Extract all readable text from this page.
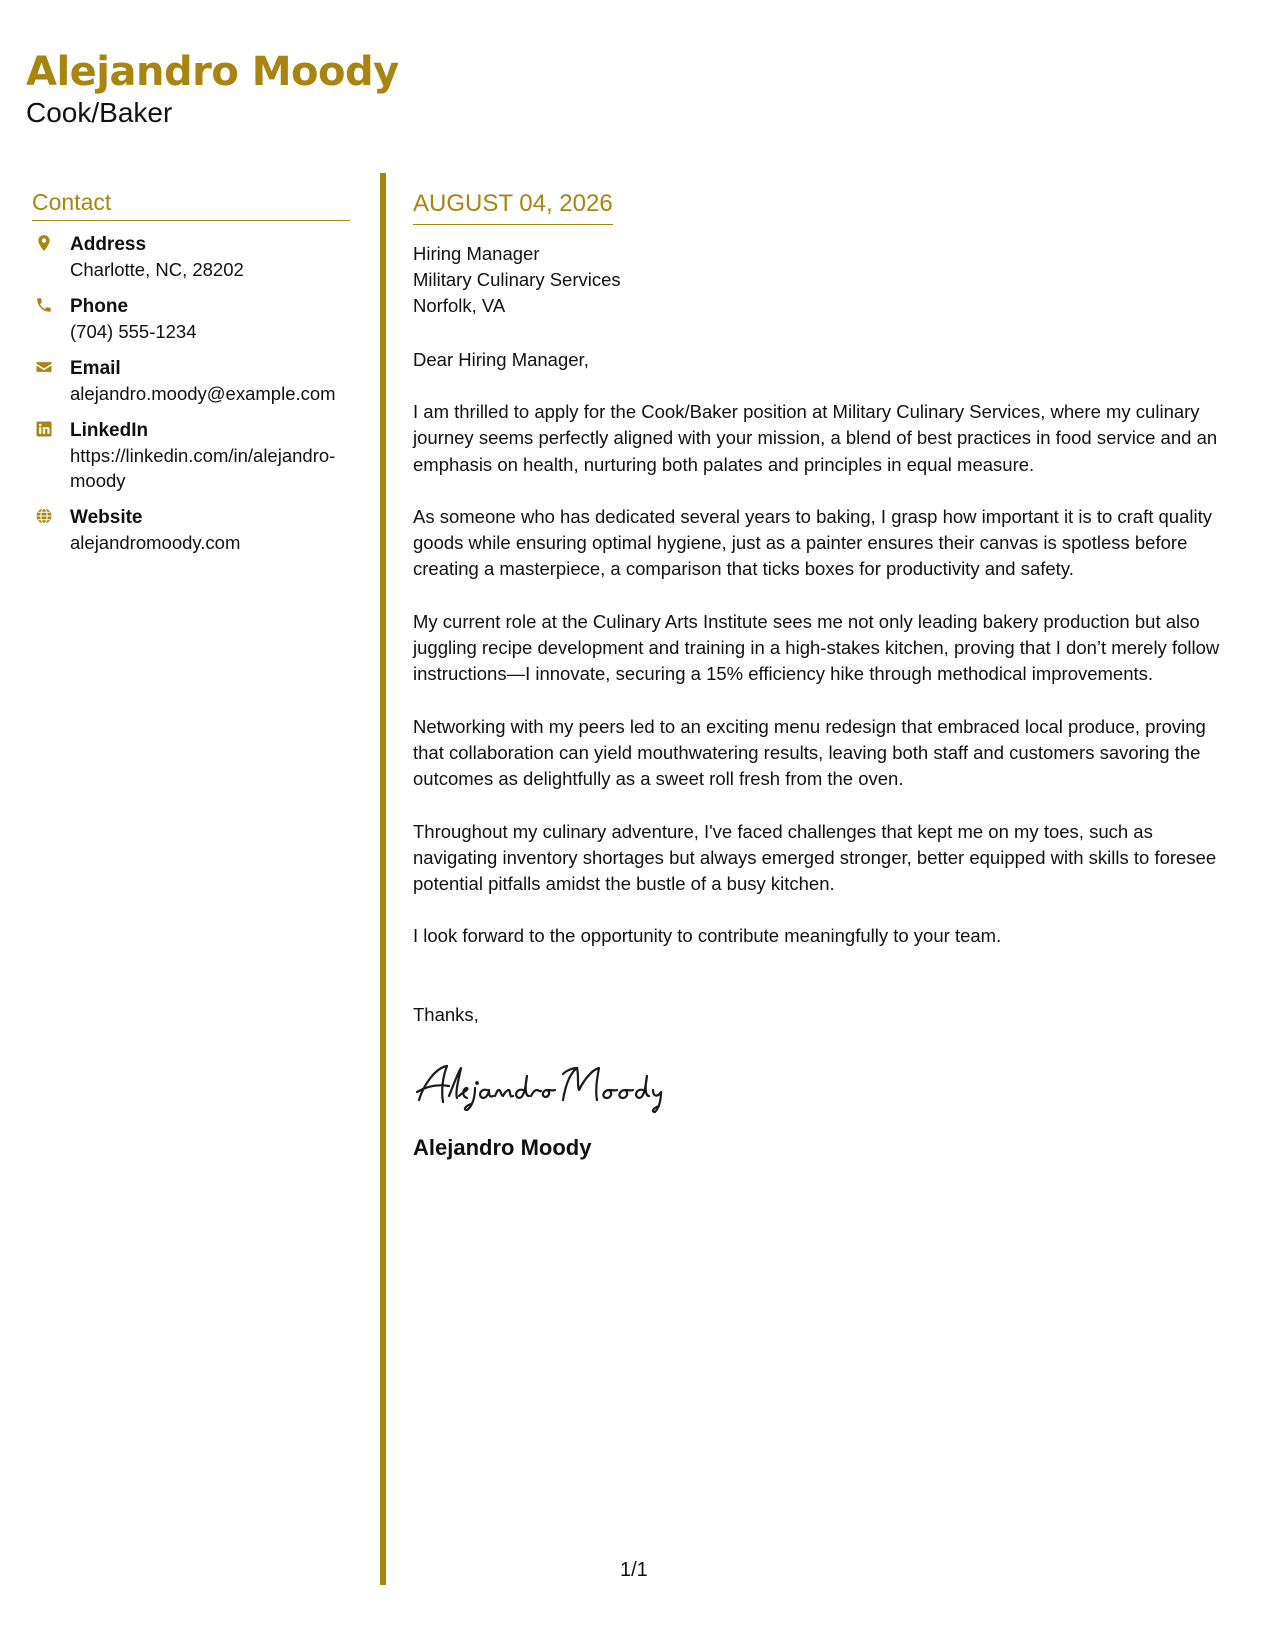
Alejandro Moody
Cook/Baker
Contact
Address
Charlotte, NC, 28202
Phone
(704) 555-1234
Email
alejandro.moody@example.com
LinkedIn
https://linkedin.com/in/alejandro-moody
Website
alejandromoody.com
AUGUST 04, 2026
Hiring Manager
Military Culinary Services
Norfolk, VA
Dear Hiring Manager,
I am thrilled to apply for the Cook/Baker position at Military Culinary Services, where my culinary journey seems perfectly aligned with your mission, a blend of best practices in food service and an emphasis on health, nurturing both palates and principles in equal measure.
As someone who has dedicated several years to baking, I grasp how important it is to craft quality goods while ensuring optimal hygiene, just as a painter ensures their canvas is spotless before creating a masterpiece, a comparison that ticks boxes for productivity and safety.
My current role at the Culinary Arts Institute sees me not only leading bakery production but also juggling recipe development and training in a high-stakes kitchen, proving that I don’t merely follow instructions—I innovate, securing a 15% efficiency hike through methodical improvements.
Networking with my peers led to an exciting menu redesign that embraced local produce, proving that collaboration can yield mouthwatering results, leaving both staff and customers savoring the outcomes as delightfully as a sweet roll fresh from the oven.
Throughout my culinary adventure, I've faced challenges that kept me on my toes, such as navigating inventory shortages but always emerged stronger, better equipped with skills to foresee potential pitfalls amidst the bustle of a busy kitchen.
I look forward to the opportunity to contribute meaningfully to your team.
Thanks,
Alejandro Moody
1/1
